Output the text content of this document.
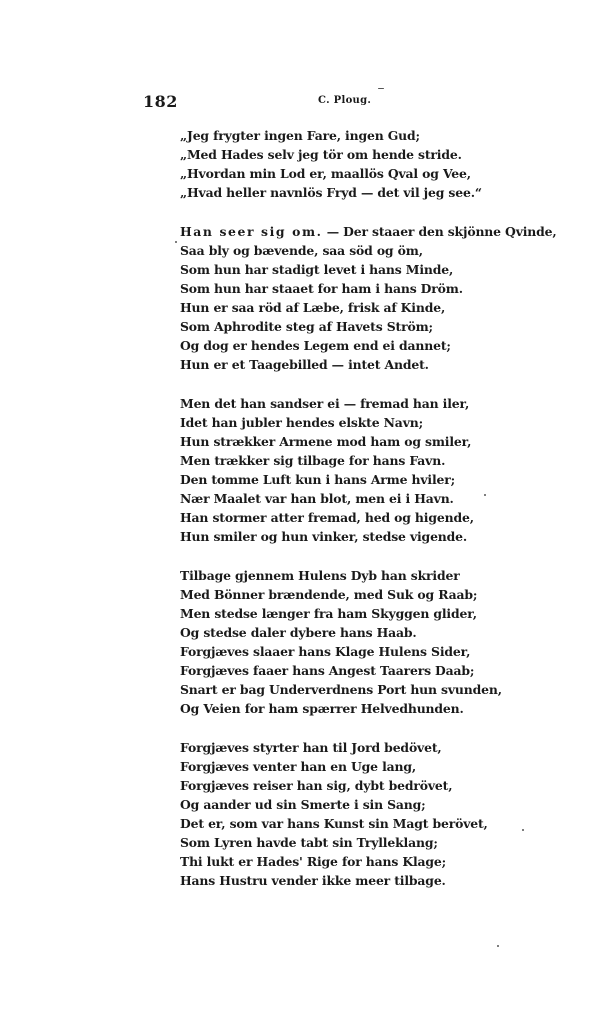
182	C. Ploug.
„Jeg frygter ingen Fare, ingen Gud;
„Med Hades selv jeg tör om hende stride.
„Hvordan min Lod er, maallös Qval og Vee,
„Hvad heller navnlös Fryd — det vil jeg see.“
Han seer sig om. — Der staaer den skjönne Qvinde,
Saa bly og bævende, saa söd og öm,
Som hun har stadigt levet i hans Minde,
Som hun har staaet for ham i hans Dröm.
Hun er saa röd af Læbe, frisk af Kinde,
Som Aphrodite steg af Havets Ström;
Og dog er hendes Legem end ei dannet;
Hun er et Taagebilled — intet Andet.
Men det han sandser ei — fremad han iler,
Idet han jubler hendes elskte Navn;
Hun strækker Armene mod ham og smiler,
Men trækker sig tilbage for hans Favn.
Den tomme Luft kun i hans Arme hviler;
Nær Maalet var han blot, men ei i Havn.
Han stormer atter fremad, hed og higende,
Hun smiler og hun vinker, stedse vigende.
Tilbage gjennem Hulens Dyb han skrider
Med Bönner brændende, med Suk og Raab;
Men stedse længer fra ham Skyggen glider,
Og stedse daler dybere hans Haab.
Forgjæves slaaer hans Klage Hulens Sider,
Forgjæves faaer hans Angest Taarers Daab;
Snart er bag Underverdnens Port hun svunden,
Og Veien for ham spærrer Helvedhunden.
Forgjæves styrter han til Jord bedövet,
Forgjæves venter han en Uge lang,
Forgjæves reiser han sig, dybt bedrövet,
Og aander ud sin Smerte i sin Sang;
Det er, som var hans Kunst sin Magt berövet,
Som Lyren havde tabt sin Trylleklang;
Thi lukt er Hades' Rige for hans Klage;
Hans Hustru vender ikke meer tilbage.
